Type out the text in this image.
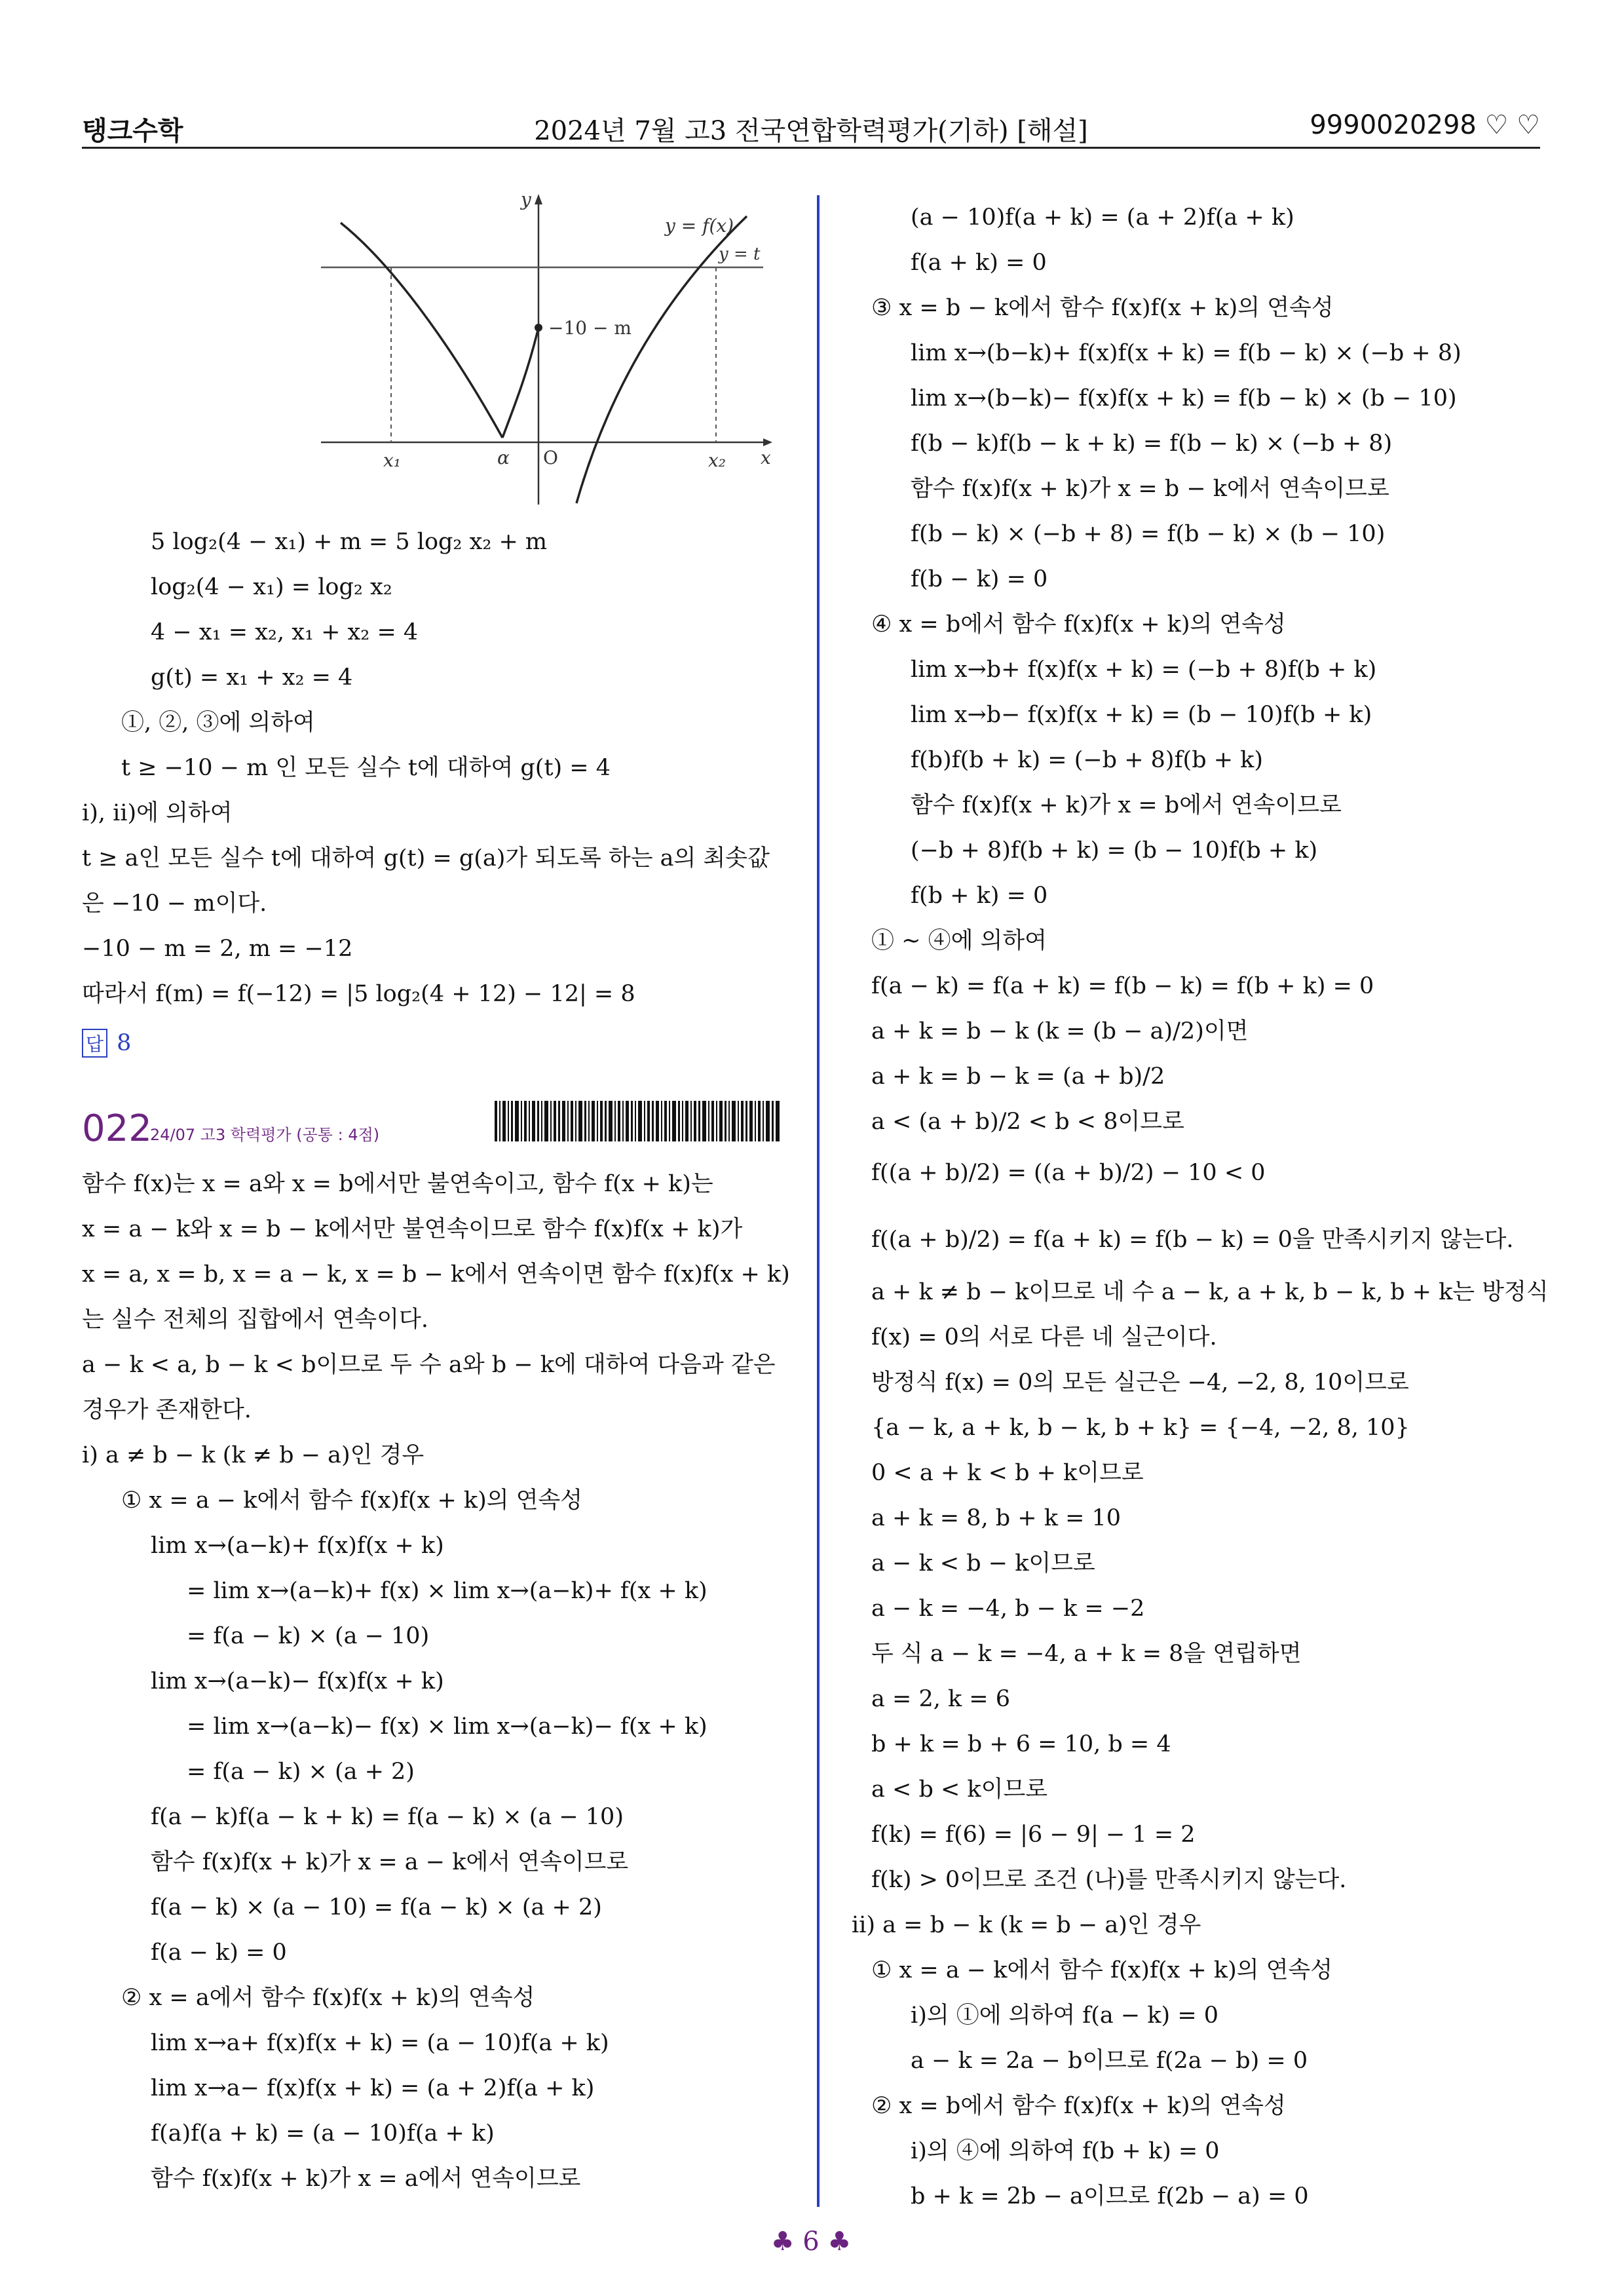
탱크수학	2024년 7월 고3 전국연합학력평가(기하) [해설]	9990020298 ♡ ♡
y
x
O
y = f(x)
y = t
−10 − m
x₁	α	x₂
5 log₂(4 − x₁) + m = 5 log₂ x₂ + m
log₂(4 − x₁) = log₂ x₂
4 − x₁ = x₂, x₁ + x₂ = 4
g(t) = x₁ + x₂ = 4
①, ②, ③에 의하여
t ≥ −10 − m 인 모든 실수 t에 대하여 g(t) = 4
ⅰ), ⅱ)에 의하여
t ≥ a인 모든 실수 t에 대하여 g(t) = g(a)가 되도록 하는 a의 최솟값
은 −10 − m이다.
−10 − m = 2, m = −12
따라서 f(m) = f(−12) = |5 log₂(4 + 12) − 12| = 8
답 8
022
24/07 고3 학력평가 (공통 : 4점)
함수 f(x)는 x = a와 x = b에서만 불연속이고, 함수 f(x + k)는
x = a − k와 x = b − k에서만 불연속이므로 함수 f(x)f(x + k)가
x = a, x = b, x = a − k, x = b − k에서 연속이면 함수 f(x)f(x + k)
는 실수 전체의 집합에서 연속이다.
a − k < a, b − k < b이므로 두 수 a와 b − k에 대하여 다음과 같은
경우가 존재한다.
ⅰ) a ≠ b − k (k ≠ b − a)인 경우
① x = a − k에서 함수 f(x)f(x + k)의 연속성
lim x→(a−k)+ f(x)f(x + k)
= lim x→(a−k)+ f(x) × lim x→(a−k)+ f(x + k)
= f(a − k) × (a − 10)
lim x→(a−k)− f(x)f(x + k)
= lim x→(a−k)− f(x) × lim x→(a−k)− f(x + k)
= f(a − k) × (a + 2)
f(a − k)f(a − k + k) = f(a − k) × (a − 10)
함수 f(x)f(x + k)가 x = a − k에서 연속이므로
f(a − k) × (a − 10) = f(a − k) × (a + 2)
f(a − k) = 0
② x = a에서 함수 f(x)f(x + k)의 연속성
lim x→a+ f(x)f(x + k) = (a − 10)f(a + k)
lim x→a− f(x)f(x + k) = (a + 2)f(a + k)
f(a)f(a + k) = (a − 10)f(a + k)
함수 f(x)f(x + k)가 x = a에서 연속이므로
(a − 10)f(a + k) = (a + 2)f(a + k)
f(a + k) = 0
③ x = b − k에서 함수 f(x)f(x + k)의 연속성
lim x→(b−k)+ f(x)f(x + k) = f(b − k) × (−b + 8)
lim x→(b−k)− f(x)f(x + k) = f(b − k) × (b − 10)
f(b − k)f(b − k + k) = f(b − k) × (−b + 8)
함수 f(x)f(x + k)가 x = b − k에서 연속이므로
f(b − k) × (−b + 8) = f(b − k) × (b − 10)
f(b − k) = 0
④ x = b에서 함수 f(x)f(x + k)의 연속성
lim x→b+ f(x)f(x + k) = (−b + 8)f(b + k)
lim x→b− f(x)f(x + k) = (b − 10)f(b + k)
f(b)f(b + k) = (−b + 8)f(b + k)
함수 f(x)f(x + k)가 x = b에서 연속이므로
(−b + 8)f(b + k) = (b − 10)f(b + k)
f(b + k) = 0
① ~ ④에 의하여
f(a − k) = f(a + k) = f(b − k) = f(b + k) = 0
a + k = b − k (k = (b − a)/2)이면
a + k = b − k = (a + b)/2
a < (a + b)/2 < b < 8이므로
f((a + b)/2) = ((a + b)/2) − 10 < 0
f((a + b)/2) = f(a + k) = f(b − k) = 0을 만족시키지 않는다.
a + k ≠ b − k이므로 네 수 a − k, a + k, b − k, b + k는 방정식
f(x) = 0의 서로 다른 네 실근이다.
방정식 f(x) = 0의 모든 실근은 −4, −2, 8, 10이므로
{a − k, a + k, b − k, b + k} = {−4, −2, 8, 10}
0 < a + k < b + k이므로
a + k = 8, b + k = 10
a − k < b − k이므로
a − k = −4, b − k = −2
두 식 a − k = −4, a + k = 8을 연립하면
a = 2, k = 6
b + k = b + 6 = 10, b = 4
a < b < k이므로
f(k) = f(6) = |6 − 9| − 1 = 2
f(k) > 0이므로 조건 (나)를 만족시키지 않는다.
ⅱ) a = b − k (k = b − a)인 경우
① x = a − k에서 함수 f(x)f(x + k)의 연속성
ⅰ)의 ①에 의하여 f(a − k) = 0
a − k = 2a − b이므로 f(2a − b) = 0
② x = b에서 함수 f(x)f(x + k)의 연속성
ⅰ)의 ④에 의하여 f(b + k) = 0
b + k = 2b − a이므로 f(2b − a) = 0
♣ 6 ♣
